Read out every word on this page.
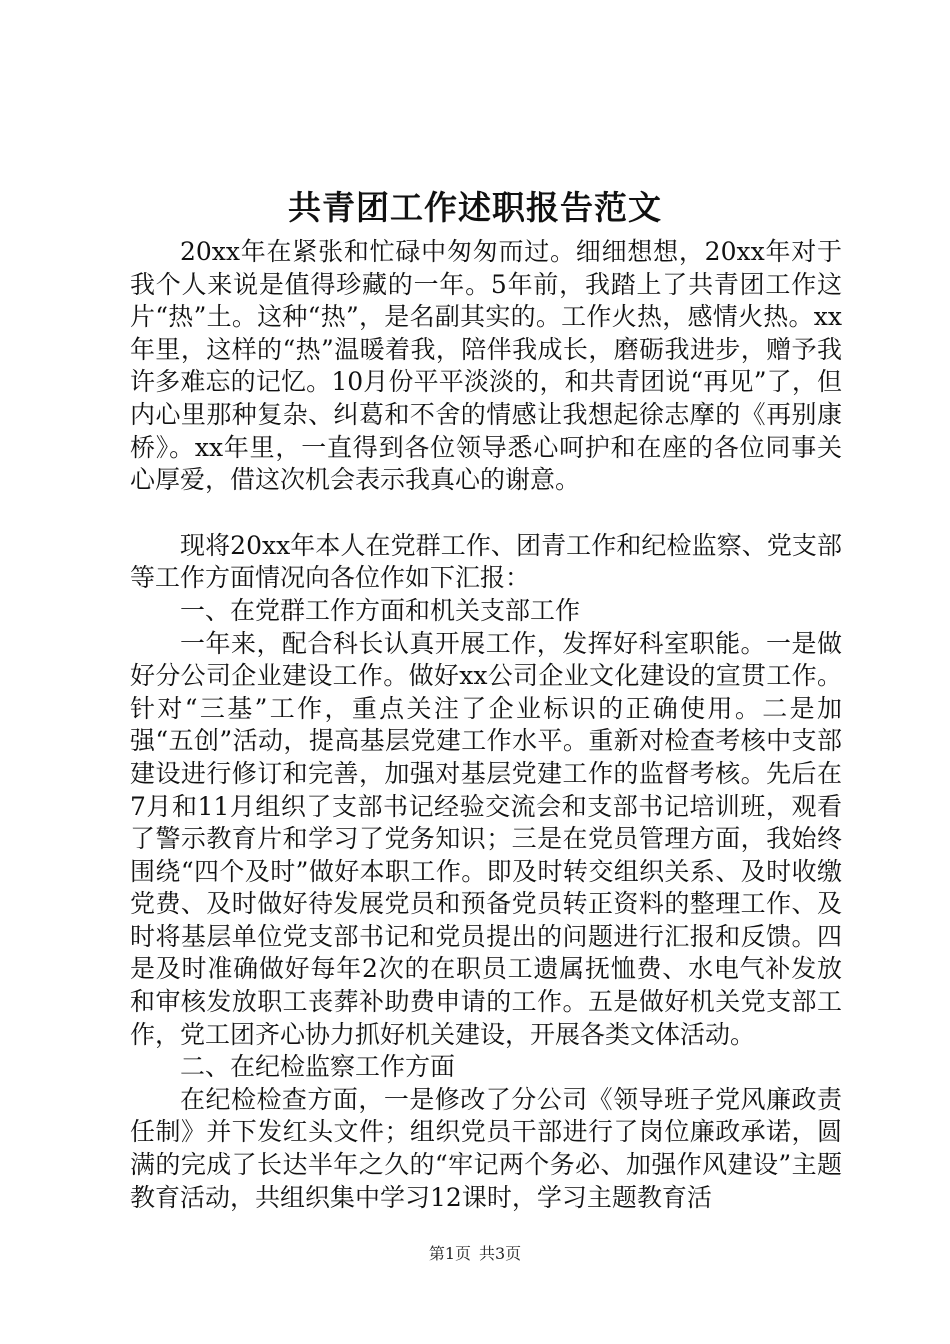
共青团工作述职报告范文

20xx年在紧张和忙碌中匆匆而过。细细想想，20xx年对于我个人来说是值得珍藏的一年。5年前，我踏上了共青团工作这片“热”土。这种“热”，是名副其实的。工作火热，感情火热。xx年里，这样的“热”温暖着我，陪伴我成长，磨砺我进步，赠予我许多难忘的记忆。10月份平平淡淡的，和共青团说“再见”了，但内心里那种复杂、纠葛和不舍的情感让我想起徐志摩的《再别康桥》。xx年里，一直得到各位领导悉心呵护和在座的各位同事关心厚爱，借这次机会表示我真心的谢意。

现将20xx年本人在党群工作、团青工作和纪检监察、党支部等工作方面情况向各位作如下汇报：

一、在党群工作方面和机关支部工作

一年来，配合科长认真开展工作，发挥好科室职能。一是做好分公司企业建设工作。做好xx公司企业文化建设的宣贯工作。针对“三基”工作，重点关注了企业标识的正确使用。二是加强“五创”活动，提高基层党建工作水平。重新对检查考核中支部建设进行修订和完善，加强对基层党建工作的监督考核。先后在7月和11月组织了支部书记经验交流会和支部书记培训班，观看了警示教育片和学习了党务知识；三是在党员管理方面，我始终围绕“四个及时”做好本职工作。即及时转交组织关系、及时收缴党费、及时做好待发展党员和预备党员转正资料的整理工作、及时将基层单位党支部书记和党员提出的问题进行汇报和反馈。四是及时准确做好每年2次的在职员工遗属抚恤费、水电气补发放和审核发放职工丧葬补助费申请的工作。五是做好机关党支部工作，党工团齐心协力抓好机关建设，开展各类文体活动。

二、在纪检监察工作方面

在纪检检查方面，一是修改了分公司《领导班子党风廉政责任制》并下发红头文件；组织党员干部进行了岗位廉政承诺，圆满的完成了长达半年之久的“牢记两个务必、加强作风建设”主题教育活动，共组织集中学习12课时，学习主题教育活

第1页 共3页
